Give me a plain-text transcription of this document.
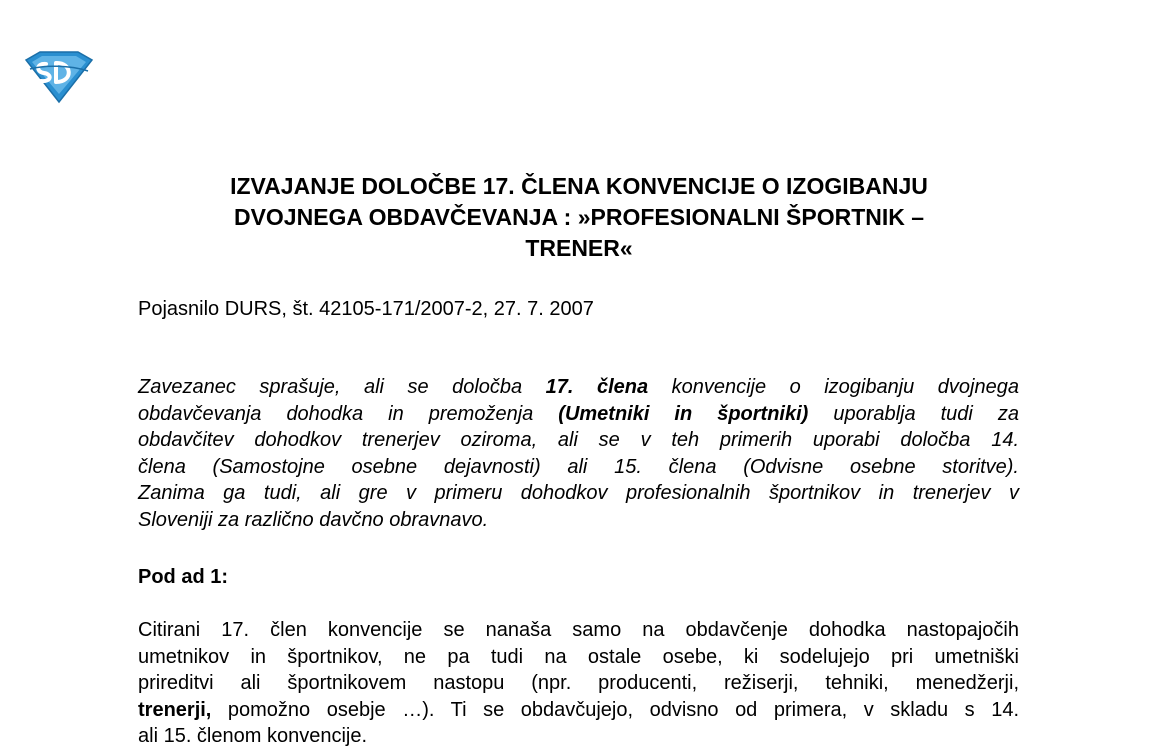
IZVAJANJE DOLOČBE 17. ČLENA KONVENCIJE O IZOGIBANJU
DVOJNEGA OBDAVČEVANJA : »PROFESIONALNI ŠPORTNIK –
TRENER«
Pojasnilo DURS, št. 42105-171/2007-2, 27. 7. 2007
Zavezanec sprašuje, ali se določba 17. člena konvencije o izogibanju dvojnega
obdavčevanja dohodka in premoženja (Umetniki in športniki) uporablja tudi za
obdavčitev dohodkov trenerjev oziroma, ali se v teh primerih uporabi določba 14.
člena (Samostojne osebne dejavnosti) ali 15. člena (Odvisne osebne storitve).
Zanima ga tudi, ali gre v primeru dohodkov profesionalnih športnikov in trenerjev v
Sloveniji za različno davčno obravnavo.
Pod ad 1:
Citirani 17. člen konvencije se nanaša samo na obdavčenje dohodka nastopajočih
umetnikov in športnikov, ne pa tudi na ostale osebe, ki sodelujejo pri umetniški
prireditvi ali športnikovem nastopu (npr. producenti, režiserji, tehniki, menedžerji,
trenerji, pomožno osebje …). Ti se obdavčujejo, odvisno od primera, v skladu s 14.
ali 15. členom konvencije.
